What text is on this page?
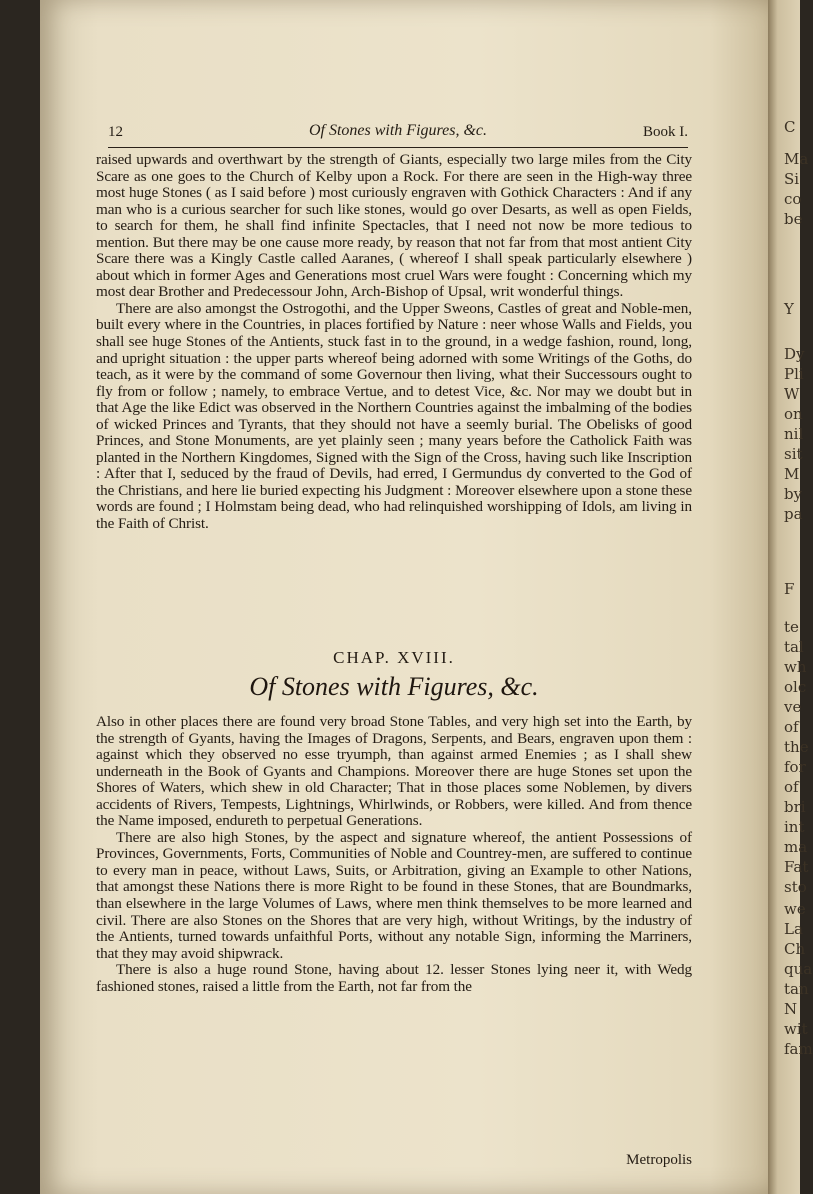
C
Ma
Si
co
be
Y
Dy
Pli
W
on
nil
sit
M
by
pa
F
te
tal
wh
olc
ve
of
the
for
of
bri
int
ma
Fat
sto
we
La
Ch
qua
tan
N
wit
fam
12	Of Stones with Figures, &c.	Book I.

raised upwards and overthwart by the strength of Giants, especially two large miles from the City Scare as one goes to the Church of Kelby upon a Rock. For there are seen in the High-way three most huge Stones ( as I said before ) most curiously engraven with Gothick Characters : And if any man who is a curious searcher for such like stones, would go over Desarts, as well as open Fields, to search for them, he shall find infinite Spectacles, that I need not now be more tedious to mention. But there may be one cause more ready, by reason that not far from that most antient City Scare there was a Kingly Castle called Aaranes, ( whereof I shall speak particularly elsewhere ) about which in former Ages and Generations most cruel Wars were fought : Concerning which my most dear Brother and Predecessour John, Arch-Bishop of Upsal, writ wonderful things.

There are also amongst the Ostrogothi, and the Upper Sweons, Castles of great and Noble-men, built every where in the Countries, in places fortified by Nature : neer whose Walls and Fields, you shall see huge Stones of the Antients, stuck fast in to the ground, in a wedge fashion, round, long, and upright situation : the upper parts whereof being adorned with some Writings of the Goths, do teach, as it were by the command of some Governour then living, what their Successours ought to fly from or follow ; namely, to embrace Vertue, and to detest Vice, &c. Nor may we doubt but in that Age the like Edict was observed in the Northern Countries against the imbalming of the bodies of wicked Princes and Tyrants, that they should not have a seemly burial. The Obelisks of good Princes, and Stone Monuments, are yet plainly seen ; many years before the Catholick Faith was planted in the Northern Kingdomes, Signed with the Sign of the Cross, having such like Inscription : After that I, seduced by the fraud of Devils, had erred, I Germundus dy converted to the God of the Christians, and here lie buried expecting his Judgment : Moreover elsewhere upon a stone these words are found ; I Holmstam being dead, who had relinquished worshipping of Idols, am living in the Faith of Christ.

CHAP. XVIII.
Of Stones with Figures, &c.

Also in other places there are found very broad Stone Tables, and very high set into the Earth, by the strength of Gyants, having the Images of Dragons, Serpents, and Bears, engraven upon them : against which they observed no esse tryumph, than against armed Enemies ; as I shall shew underneath in the Book of Gyants and Champions. Moreover there are huge Stones set upon the Shores of Waters, which shew in old Character; That in those places some Noblemen, by divers accidents of Rivers, Tempests, Lightnings, Whirlwinds, or Robbers, were killed. And from thence the Name imposed, endureth to perpetual Generations.

There are also high Stones, by the aspect and signature whereof, the antient Possessions of Provinces, Governments, Forts, Communities of Noble and Countrey-men, are suffered to continue to every man in peace, without Laws, Suits, or Arbitration, giving an Example to other Nations, that amongst these Nations there is more Right to be found in these Stones, that are Boundmarks, than elsewhere in the large Volumes of Laws, where men think themselves to be more learned and civil. There are also Stones on the Shores that are very high, without Writings, by the industry of the Antients, turned towards unfaithful Ports, without any notable Sign, informing the Marriners, that they may avoid shipwrack.

There is also a huge round Stone, having about 12. lesser Stones lying neer it, with Wedg fashioned stones, raised a little from the Earth, not far from the

Metropolis
